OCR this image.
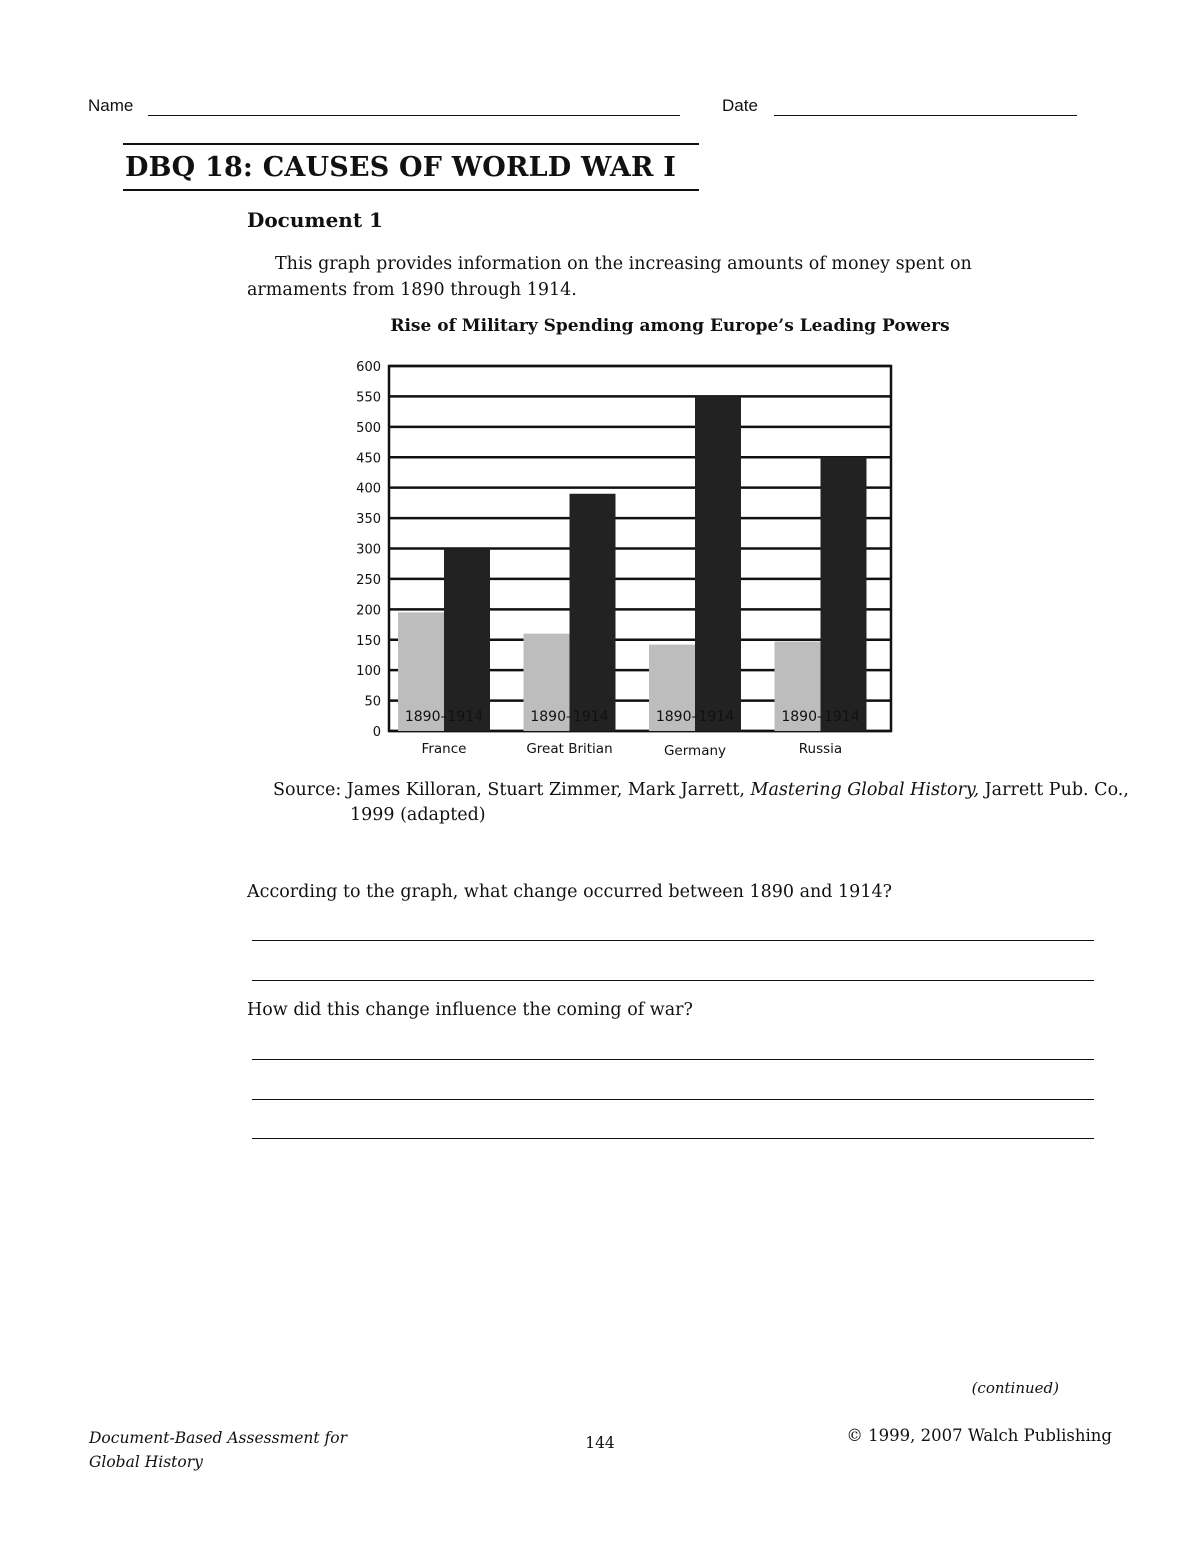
Name	Date
DBQ 18: CAUSES OF WORLD WAR I
Document 1
This graph provides information on the increasing amounts of money spent on armaments from 1890 through 1914.
Rise of Military Spending among Europe’s Leading Powers
0
50
100
150
200
250
300
350
400
450
500
550
600
1890–1914
France
1890–1914
Great Britian
1890–1914
Germany
1890–1914
Russia
Source: James Killoran, Stuart Zimmer, Mark Jarrett, Mastering Global History, Jarrett Pub. Co., 1999 (adapted)
According to the graph, what change occurred between 1890 and 1914?
How did this change influence the coming of war?
(continued)
Document-Based Assessment for
Global History
144	© 1999, 2007 Walch Publishing
